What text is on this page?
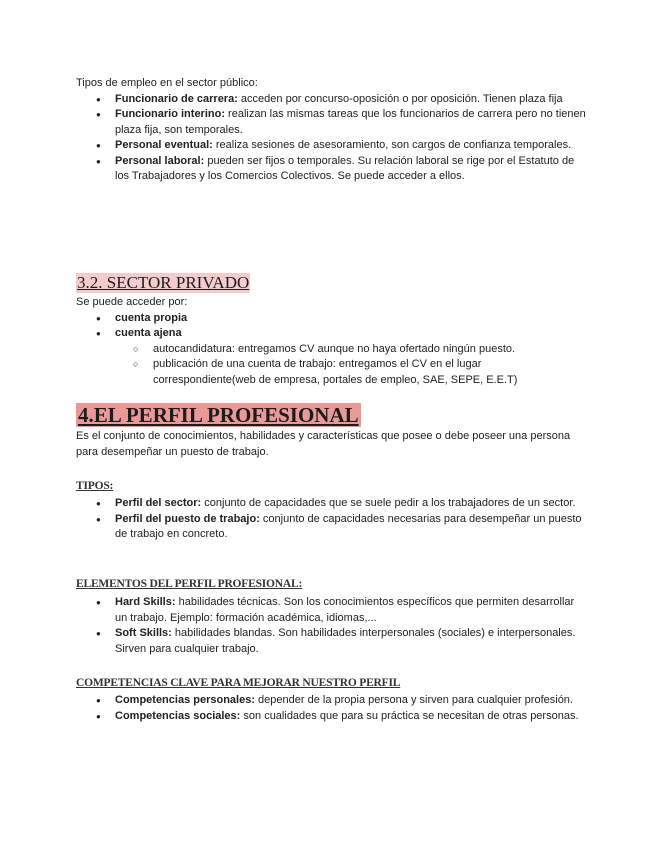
Tipos de empleo en el sector público:
● Funcionario de carrera: acceden por concurso-oposición o por oposición. Tienen plaza fija
● Funcionario interino: realizan las mismas tareas que los funcionarios de carrera pero no tienen plaza fija, son temporales.
● Personal eventual: realiza sesiones de asesoramiento, son cargos de confianza temporales.
● Personal laboral: pueden ser fijos o temporales. Su relación laboral se rige por el Estatuto de los Trabajadores y los Comercios Colectivos. Se puede acceder a ellos.
3.2. SECTOR PRIVADO
Se puede acceder por:
● cuenta propia
● cuenta ajena
○ autocandidatura: entregamos CV aunque no haya ofertado ningún puesto.
○ publicación de una cuenta de trabajo: entregamos el CV en el lugar correspondiente(web de empresa, portales de empleo, SAE, SEPE, E.E.T)
4.EL PERFIL PROFESIONAL
Es el conjunto de conocimientos, habilidades y características que posee o debe poseer una persona para desempeñar un puesto de trabajo.
TIPOS:
● Perfil del sector: conjunto de capacidades que se suele pedir a los trabajadores de un sector.
● Perfil del puesto de trabajo: conjunto de capacidades necesarias para desempeñar un puesto de trabajo en concreto.
ELEMENTOS DEL PERFIL PROFESIONAL:
● Hard Skills: habilidades técnicas. Son los conocimientos específicos que permiten desarrollar un trabajo. Ejemplo: formación académica, idiomas,...
● Soft Skills: habilidades blandas. Son habilidades interpersonales (sociales) e interpersonales. Sirven para cualquier trabajo.
COMPETENCIAS CLAVE PARA MEJORAR NUESTRO PERFIL
● Competencias personales: depender de la propia persona y sirven para cualquier profesión.
● Competencias sociales: son cualidades que para su práctica se necesitan de otras personas.
